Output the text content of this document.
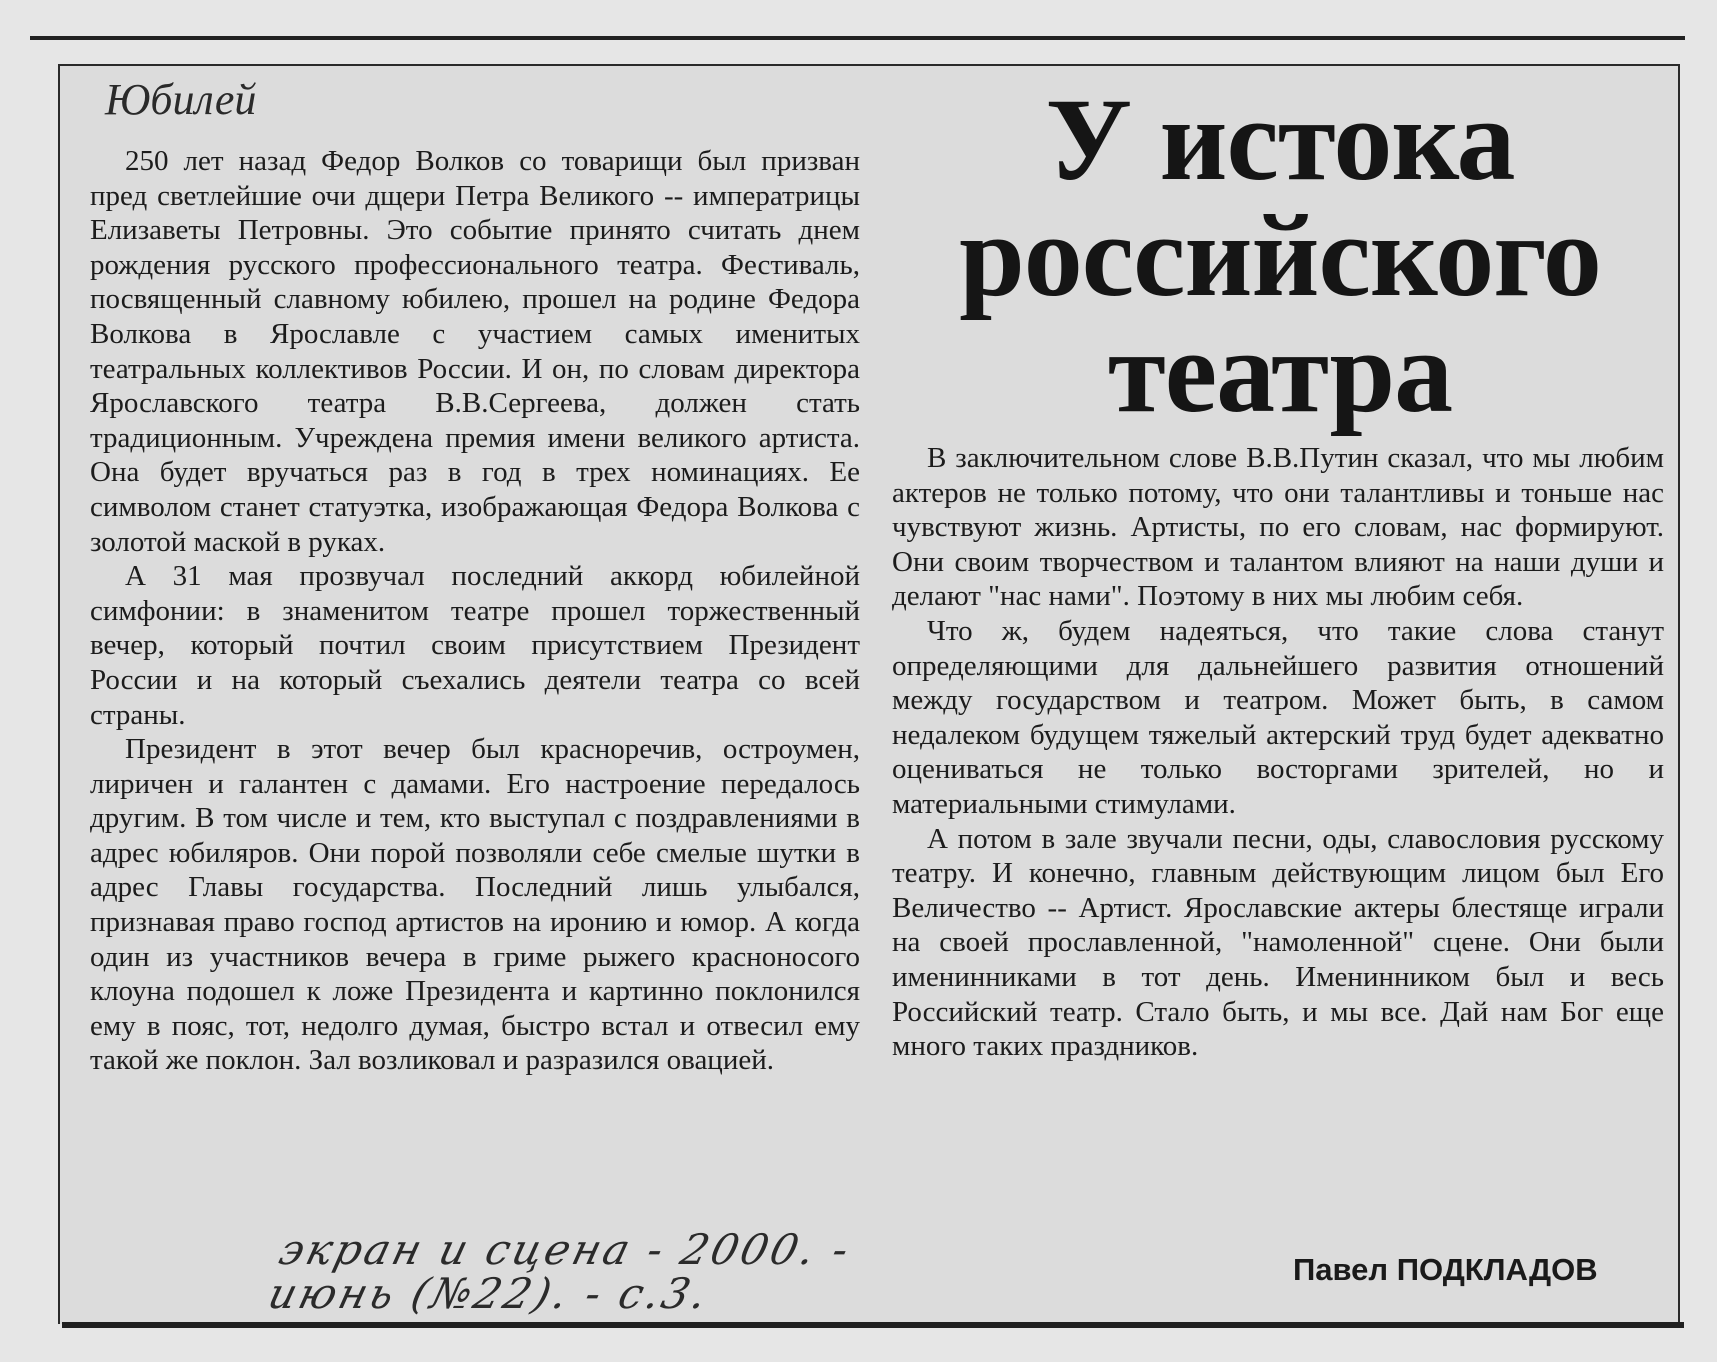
Юбилей

250 лет назад Федор Волков со товарищи был призван пред светлейшие очи дщери Петра Великого -- императрицы Елизаветы Петровны. Это событие принято считать днем рождения русского профессионального театра. Фестиваль, посвященный славному юбилею, прошел на родине Федора Волкова в Ярославле с участием самых именитых театральных коллективов России. И он, по словам директора Ярославского театра В.В.Сергеева, должен стать традиционным. Учреждена премия имени великого артиста. Она будет вручаться раз в год в трех номинациях. Ее символом станет статуэтка, изображающая Федора Волкова с золотой маской в руках.

А 31 мая прозвучал последний аккорд юбилейной симфонии: в знаменитом театре прошел торжественный вечер, который почтил своим присутствием Президент России и на который съехались деятели театра со всей страны.

Президент в этот вечер был красноречив, остроумен, лиричен и галантен с дамами. Его настроение передалось другим. В том числе и тем, кто выступал с поздравлениями в адрес юбиляров. Они порой позволяли себе смелые шутки в адрес Главы государства. Последний лишь улыбался, признавая право господ артистов на иронию и юмор. А когда один из участников вечера в гриме рыжего красноносого клоуна подошел к ложе Президента и картинно поклонился ему в пояс, тот, недолго думая, быстро встал и отвесил ему такой же поклон. Зал возликовал и разразился овацией.

У истока
российского
театра

В заключительном слове В.В.Путин сказал, что мы любим актеров не только потому, что они талантливы и тоньше нас чувствуют жизнь. Артисты, по его словам, нас формируют. Они своим творчеством и талантом влияют на наши души и делают "нас нами". Поэтому в них мы любим себя.

Что ж, будем надеяться, что такие слова станут определяющими для дальнейшего развития отношений между государством и театром. Может быть, в самом недалеком будущем тяжелый актерский труд будет адекватно оцениваться не только восторгами зрителей, но и материальными стимулами.

А потом в зале звучали песни, оды, славословия русскому театру. И конечно, главным действующим лицом был Его Величество -- Артист. Ярославские актеры блестяще играли на своей прославленной, "намоленной" сцене. Они были именинниками в тот день. Именинником был и весь Российский театр. Стало быть, и мы все. Дай нам Бог еще много таких праздников.

экран и сцена - 2000. -
июнь (№22). - с.3.	Павел ПОДКЛАДОВ
